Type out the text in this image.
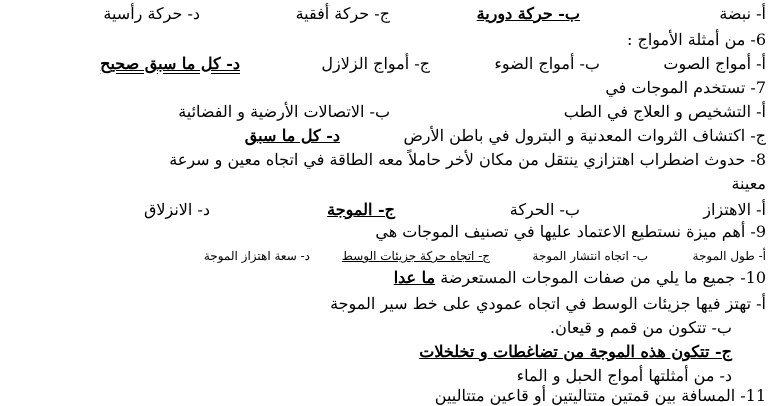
أ- نبضة
ب- حركة دورية
ج- حركة أفقية
د- حركة رأسية
6- من أمثلة الأمواج :
أ- أمواج الصوت
ب- أمواج الضوء
ج- أمواج الزلازل
د- كل ما سبق صحيح
7- تستخدم الموجات في
أ- التشخيص و العلاج في الطب
ب- الاتصالات الأرضية و الفضائية
ج- اكتشاف الثروات المعدنية و البترول في باطن الأرض
د- كل ما سبق
8- حدوث اضطراب اهتزازي ينتقل من مكان لأخر حاملاً معه الطاقة في اتجاه معين و سرعة
معينة
أ- الاهتزاز
ب- الحركة
ج- الموجة
د- الانزلاق
9- أهم ميزة نستطيع الاعتماد عليها في تصنيف الموجات هي
أ- طول الموجة
ب- اتجاه انتشار الموجة
ج- اتجاه حركة جزيئات الوسط
د- سعة اهتزاز الموجة
10- جميع ما يلي من صفات الموجات المستعرضة ما عدا
أ- تهتز فيها جزيئات الوسط في اتجاه عمودي على خط سير الموجة
ب- تتكون من قمم و قيعان.
ج- تتكون هذه الموجة من تضاغطات و تخلخلات
د- من أمثلتها أمواج الحبل و الماء
11- المسافة بين قمتين متتاليتين أو قاعين متتاليين
